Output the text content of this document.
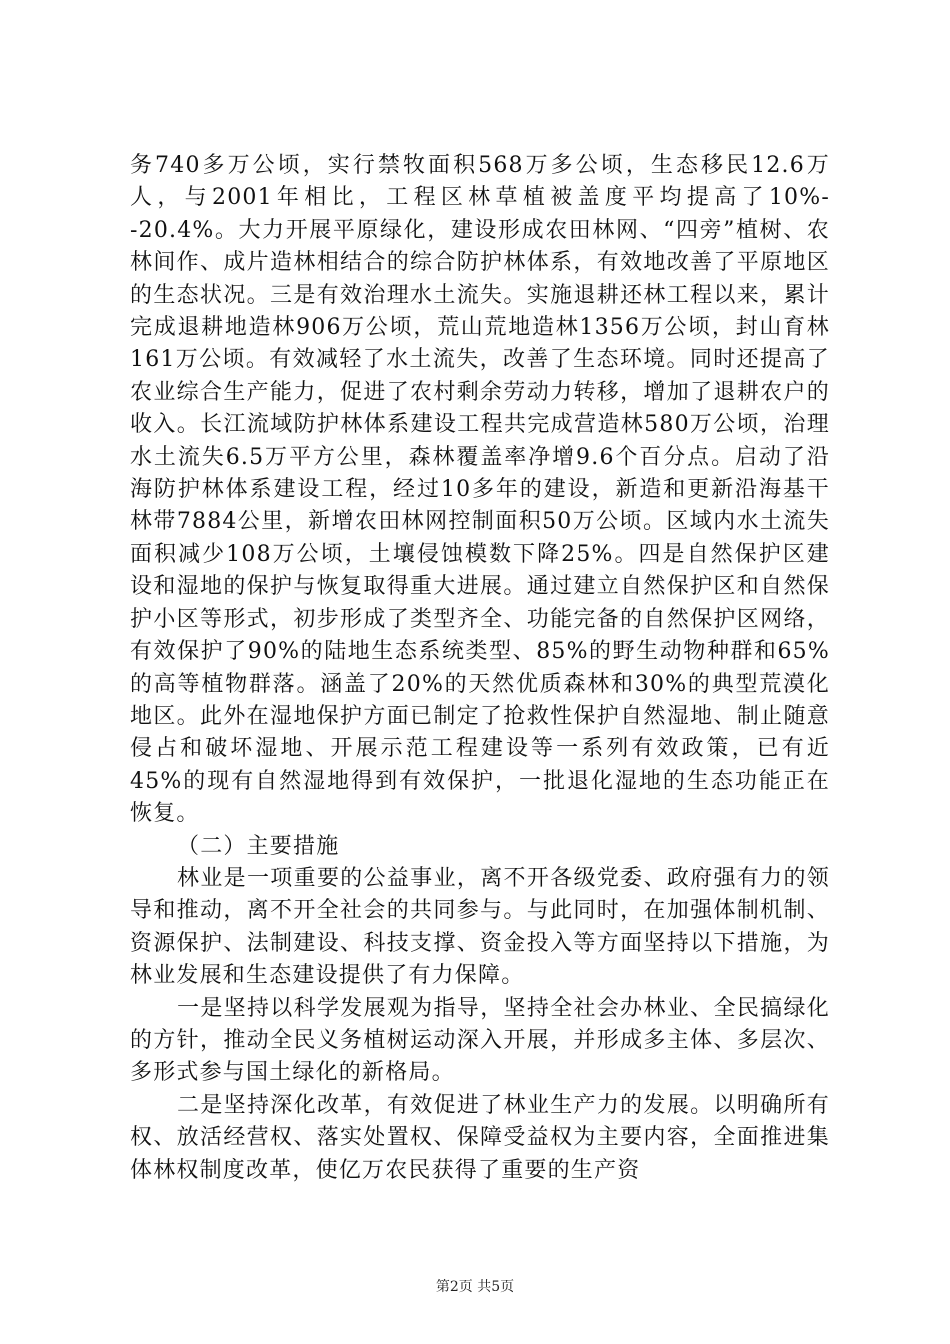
务740多万公顷，实行禁牧面积568万多公顷，生态移民12.6万人，与2001年相比，工程区林草植被盖度平均提高了10%--20.4%。大力开展平原绿化，建设形成农田林网、“四旁”植树、农林间作、成片造林相结合的综合防护林体系，有效地改善了平原地区的生态状况。三是有效治理水土流失。实施退耕还林工程以来，累计完成退耕地造林906万公顷，荒山荒地造林1356万公顷，封山育林161万公顷。有效减轻了水土流失，改善了生态环境。同时还提高了农业综合生产能力，促进了农村剩余劳动力转移，增加了退耕农户的收入。长江流域防护林体系建设工程共完成营造林580万公顷，治理水土流失6.5万平方公里，森林覆盖率净增9.6个百分点。启动了沿海防护林体系建设工程，经过10多年的建设，新造和更新沿海基干林带7884公里，新增农田林网控制面积50万公顷。区域内水土流失面积减少108万公顷，土壤侵蚀模数下降25%。四是自然保护区建设和湿地的保护与恢复取得重大进展。通过建立自然保护区和自然保护小区等形式，初步形成了类型齐全、功能完备的自然保护区网络，有效保护了90%的陆地生态系统类型、85%的野生动物种群和65%的高等植物群落。涵盖了20%的天然优质森林和30%的典型荒漠化地区。此外在湿地保护方面已制定了抢救性保护自然湿地、制止随意侵占和破坏湿地、开展示范工程建设等一系列有效政策，已有近45%的现有自然湿地得到有效保护，一批退化湿地的生态功能正在恢复。

（二）主要措施

林业是一项重要的公益事业，离不开各级党委、政府强有力的领导和推动，离不开全社会的共同参与。与此同时，在加强体制机制、资源保护、法制建设、科技支撑、资金投入等方面坚持以下措施，为林业发展和生态建设提供了有力保障。

一是坚持以科学发展观为指导，坚持全社会办林业、全民搞绿化的方针，推动全民义务植树运动深入开展，并形成多主体、多层次、多形式参与国土绿化的新格局。

二是坚持深化改革，有效促进了林业生产力的发展。以明确所有权、放活经营权、落实处置权、保障受益权为主要内容，全面推进集体林权制度改革，使亿万农民获得了重要的生产资

第2页 共5页
